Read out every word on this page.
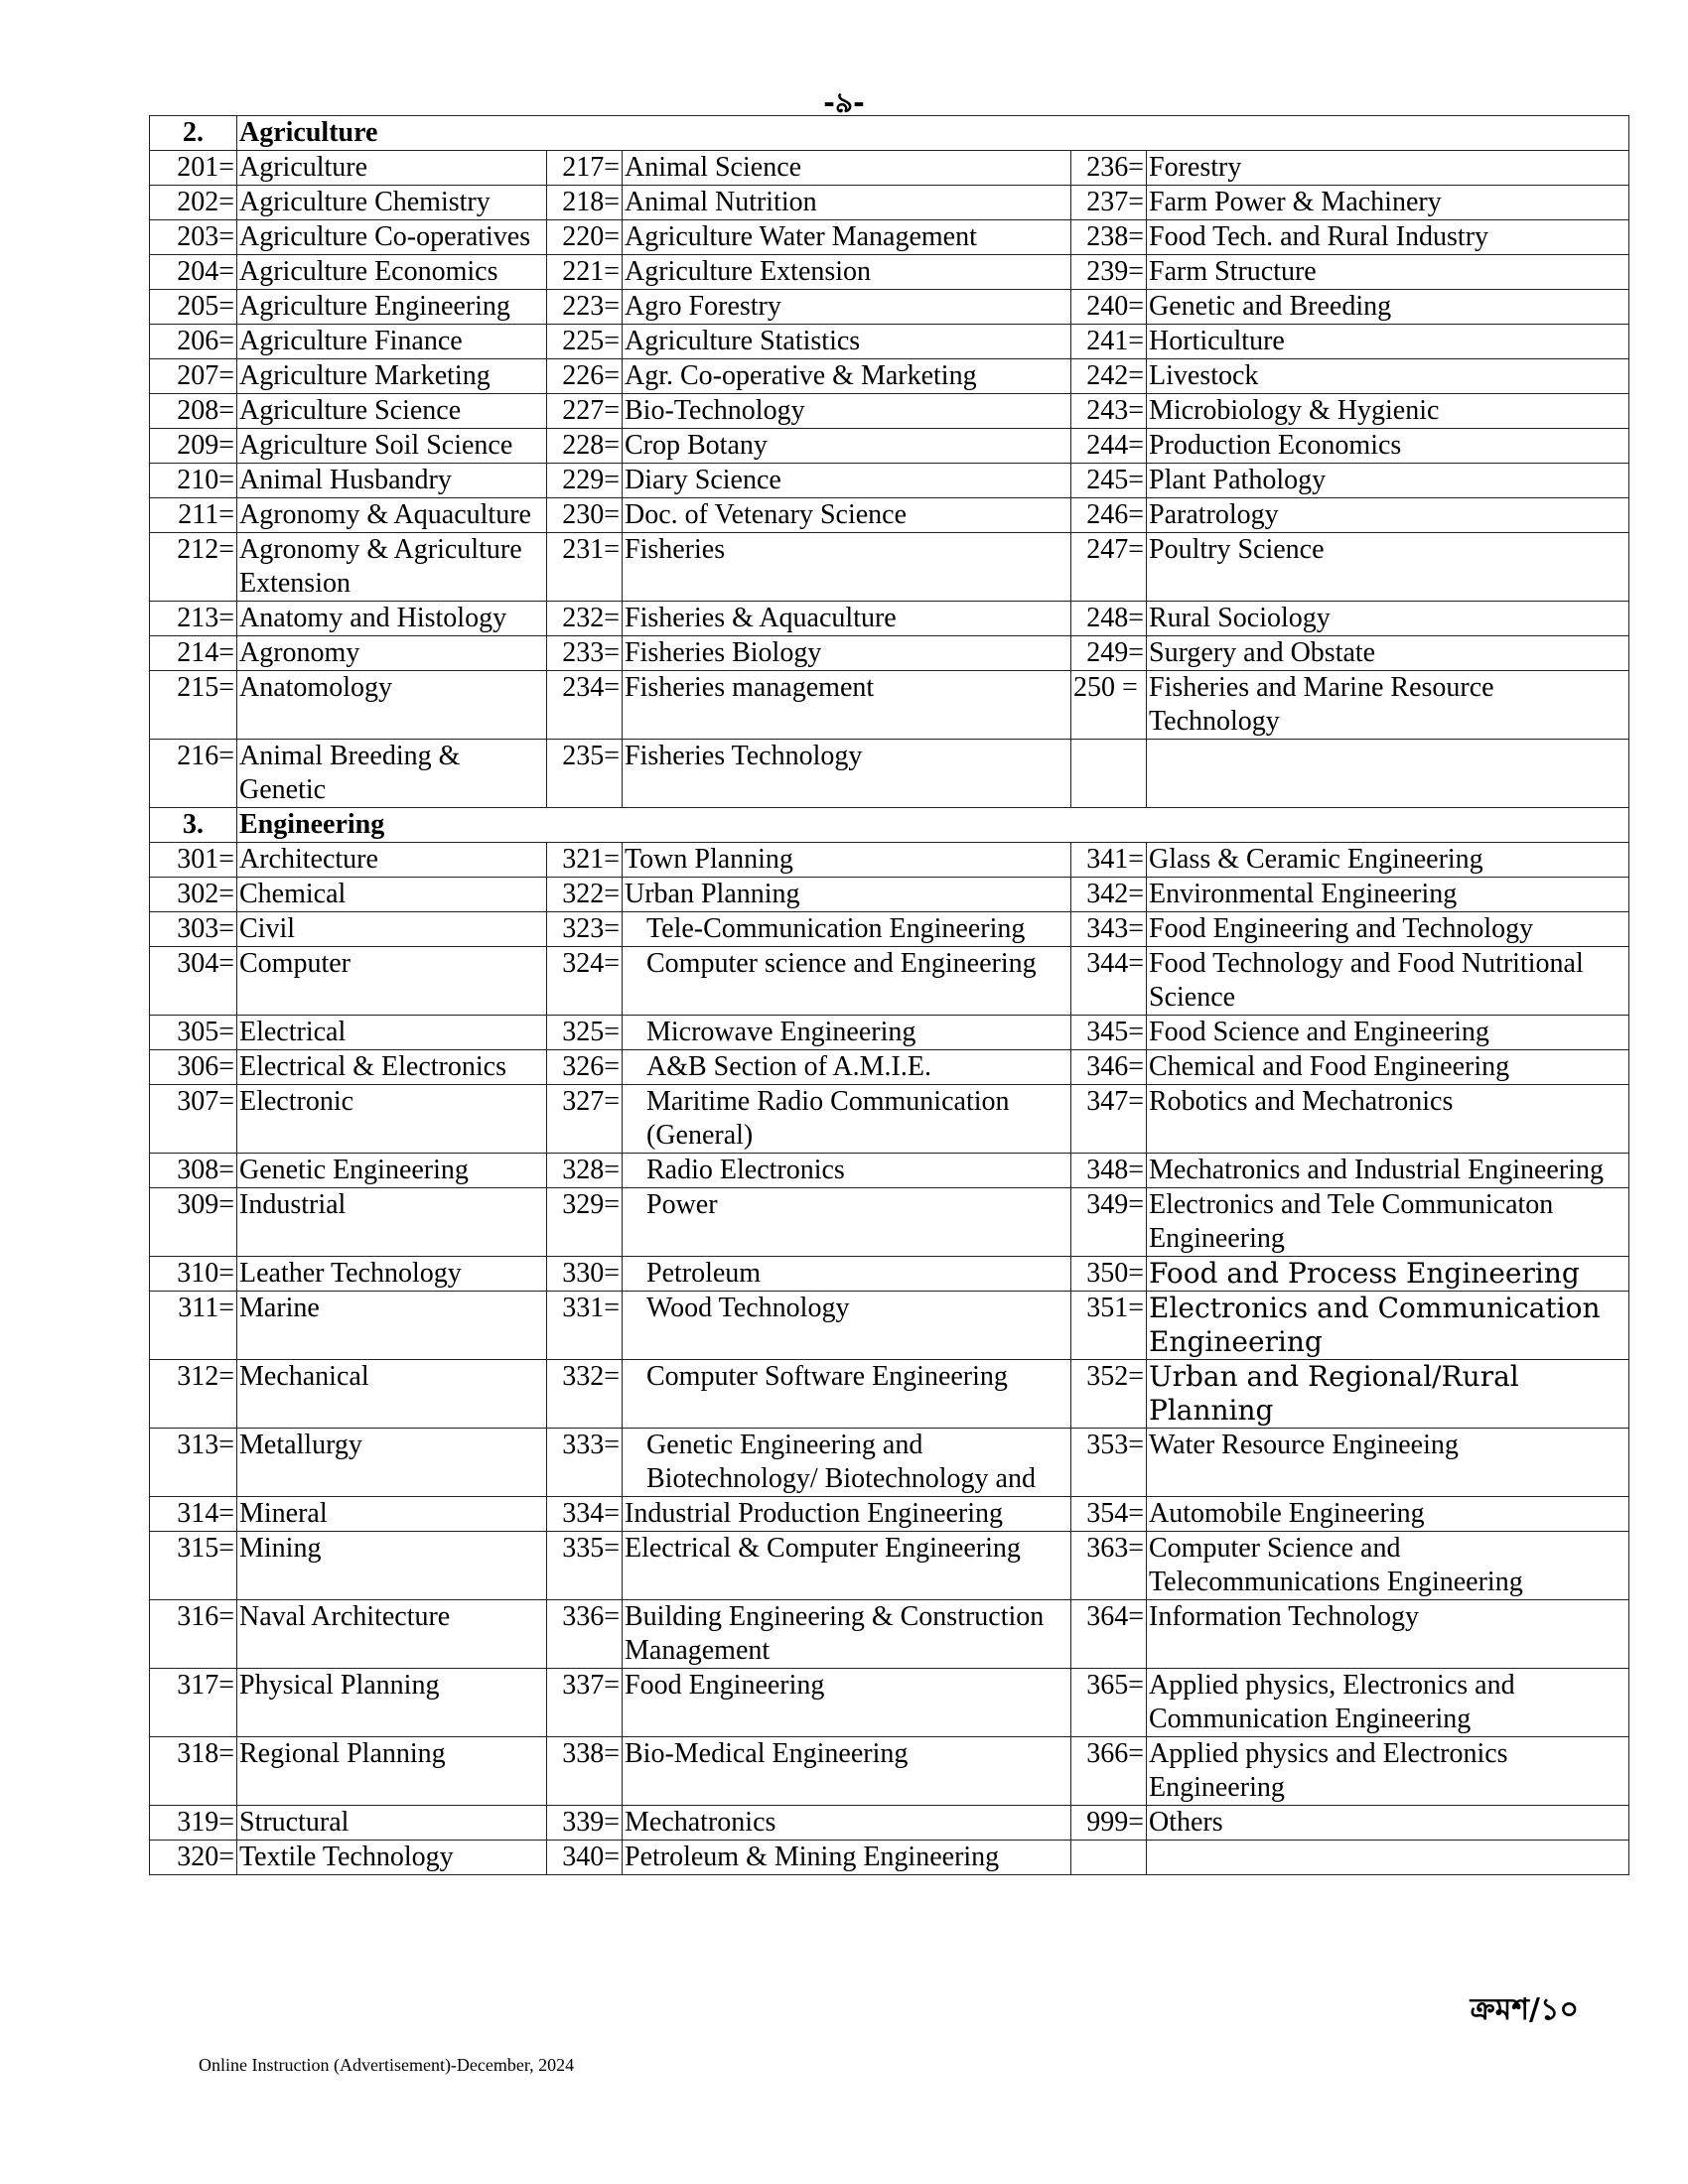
-৯-
2.	Agriculture				
201=	Agriculture	217=	Animal Science	236=	Forestry
202=	Agriculture Chemistry	218=	Animal Nutrition	237=	Farm Power & Machinery
203=	Agriculture Co-operatives	220=	Agriculture Water Management	238=	Food Tech. and Rural Industry
204=	Agriculture Economics	221=	Agriculture Extension	239=	Farm Structure
205=	Agriculture Engineering	223=	Agro Forestry	240=	Genetic and Breeding
206=	Agriculture Finance	225=	Agriculture Statistics	241=	Horticulture
207=	Agriculture Marketing	226=	Agr. Co-operative & Marketing	242=	Livestock
208=	Agriculture Science	227=	Bio-Technology	243=	Microbiology & Hygienic
209=	Agriculture Soil Science	228=	Crop Botany	244=	Production Economics
210=	Animal Husbandry	229=	Diary Science	245=	Plant Pathology
211=	Agronomy & Aquaculture	230=	Doc. of Vetenary Science	246=	Paratrology
212=	Agronomy & Agriculture Extension	231=	Fisheries	247=	Poultry Science
213=	Anatomy and Histology	232=	Fisheries & Aquaculture	248=	Rural Sociology
214=	Agronomy	233=	Fisheries Biology	249=	Surgery and Obstate
215=	Anatomology	234=	Fisheries management	250 =	Fisheries and Marine Resource Technology
216=	Animal Breeding & Genetic	235=	Fisheries Technology		
3.	Engineering				
301=	Architecture	321=	Town Planning	341=	Glass & Ceramic Engineering
302=	Chemical	322=	Urban Planning	342=	Environmental Engineering
303=	Civil	323=	Tele-Communication Engineering	343=	Food Engineering and Technology
304=	Computer	324=	Computer science and Engineering	344=	Food Technology and Food Nutritional Science
305=	Electrical	325=	Microwave Engineering	345=	Food Science and Engineering
306=	Electrical & Electronics	326=	A&B Section of A.M.I.E.	346=	Chemical and Food Engineering
307=	Electronic	327=	Maritime Radio Communication (General)	347=	Robotics and Mechatronics
308=	Genetic Engineering	328=	Radio Electronics	348=	Mechatronics and Industrial Engineering
309=	Industrial	329=	Power	349=	Electronics and Tele Communicaton Engineering
310=	Leather Technology	330=	Petroleum	350=	Food and Process Engineering
311=	Marine	331=	Wood Technology	351=	Electronics and Communication Engineering
312=	Mechanical	332=	Computer Software Engineering	352=	Urban and Regional/Rural Planning
313=	Metallurgy	333=	Genetic Engineering and Biotechnology/ Biotechnology and	353=	Water Resource Engineeing
314=	Mineral	334=	Industrial Production Engineering	354=	Automobile Engineering
315=	Mining	335=	Electrical & Computer Engineering	363=	Computer Science and Telecommunications Engineering
316=	Naval Architecture	336=	Building Engineering & Construction Management	364=	Information Technology
317=	Physical Planning	337=	Food Engineering	365=	Applied physics, Electronics and Communication Engineering
318=	Regional Planning	338=	Bio-Medical Engineering	366=	Applied physics and Electronics Engineering
319=	Structural	339=	Mechatronics	999=	Others
320=	Textile Technology	340=	Petroleum & Mining Engineering		
ক্রমশ/১০
Online Instruction (Advertisement)-December, 2024
